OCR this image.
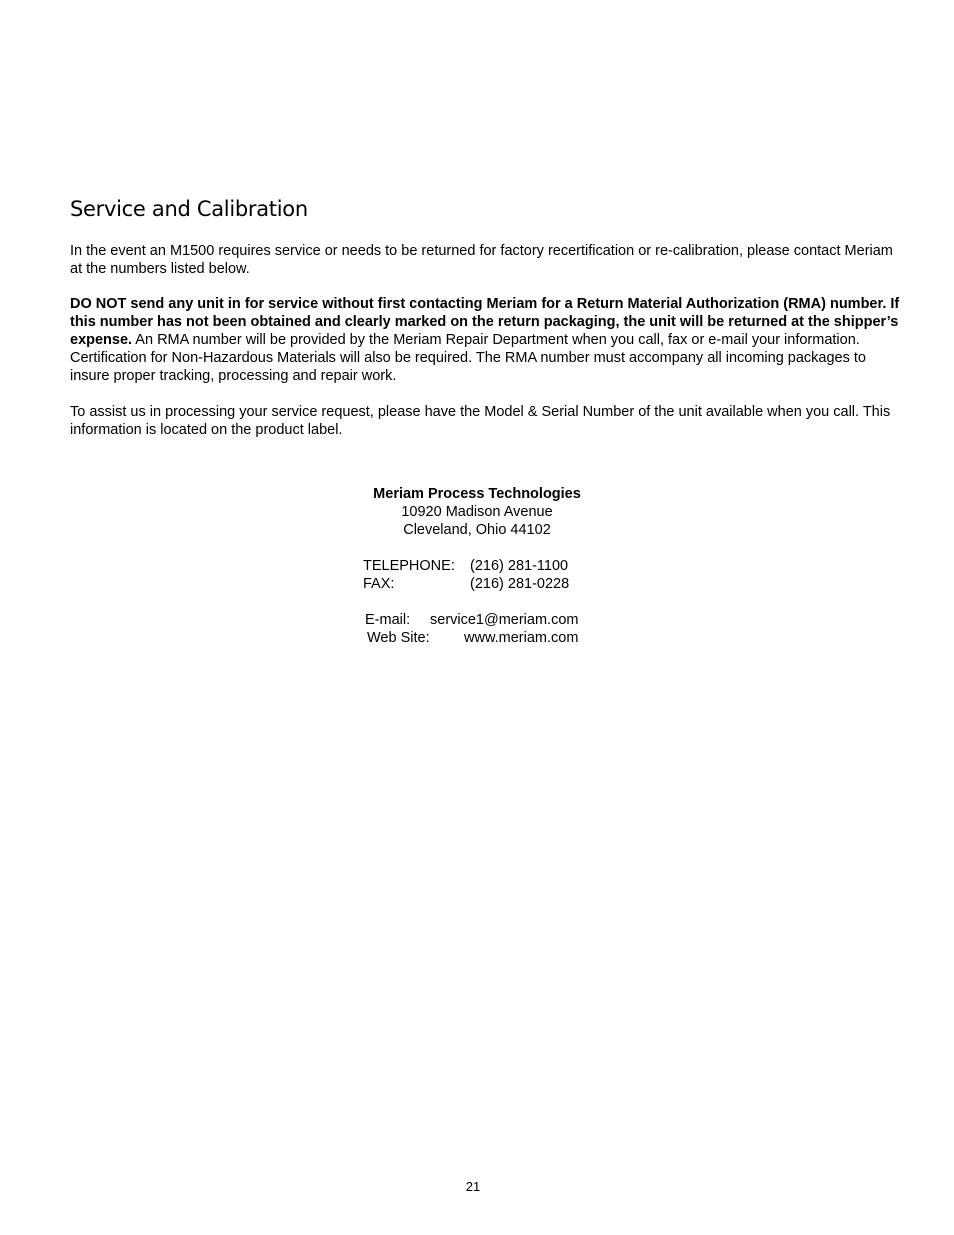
Service and Calibration

In the event an M1500 requires service or needs to be returned for factory recertification or re-calibration, please contact Meriam at the numbers listed below.

DO NOT send any unit in for service without first contacting Meriam for a Return Material Authorization (RMA) number. If this number has not been obtained and clearly marked on the return packaging, the unit will be returned at the shipper’s expense. An RMA number will be provided by the Meriam Repair Department when you call, fax or e-mail your information. Certification for Non-Hazardous Materials will also be required. The RMA number must accompany all incoming packages to insure proper tracking, processing and repair work.

To assist us in processing your service request, please have the Model & Serial Number of the unit available when you call. This information is located on the product label.

Meriam Process Technologies
10920 Madison Avenue
Cleveland, Ohio 44102
TELEPHONE:	(216) 281-1100
FAX:	(216) 281-0228
E-mail:	service1@meriam.com
Web Site:	www.meriam.com
21
